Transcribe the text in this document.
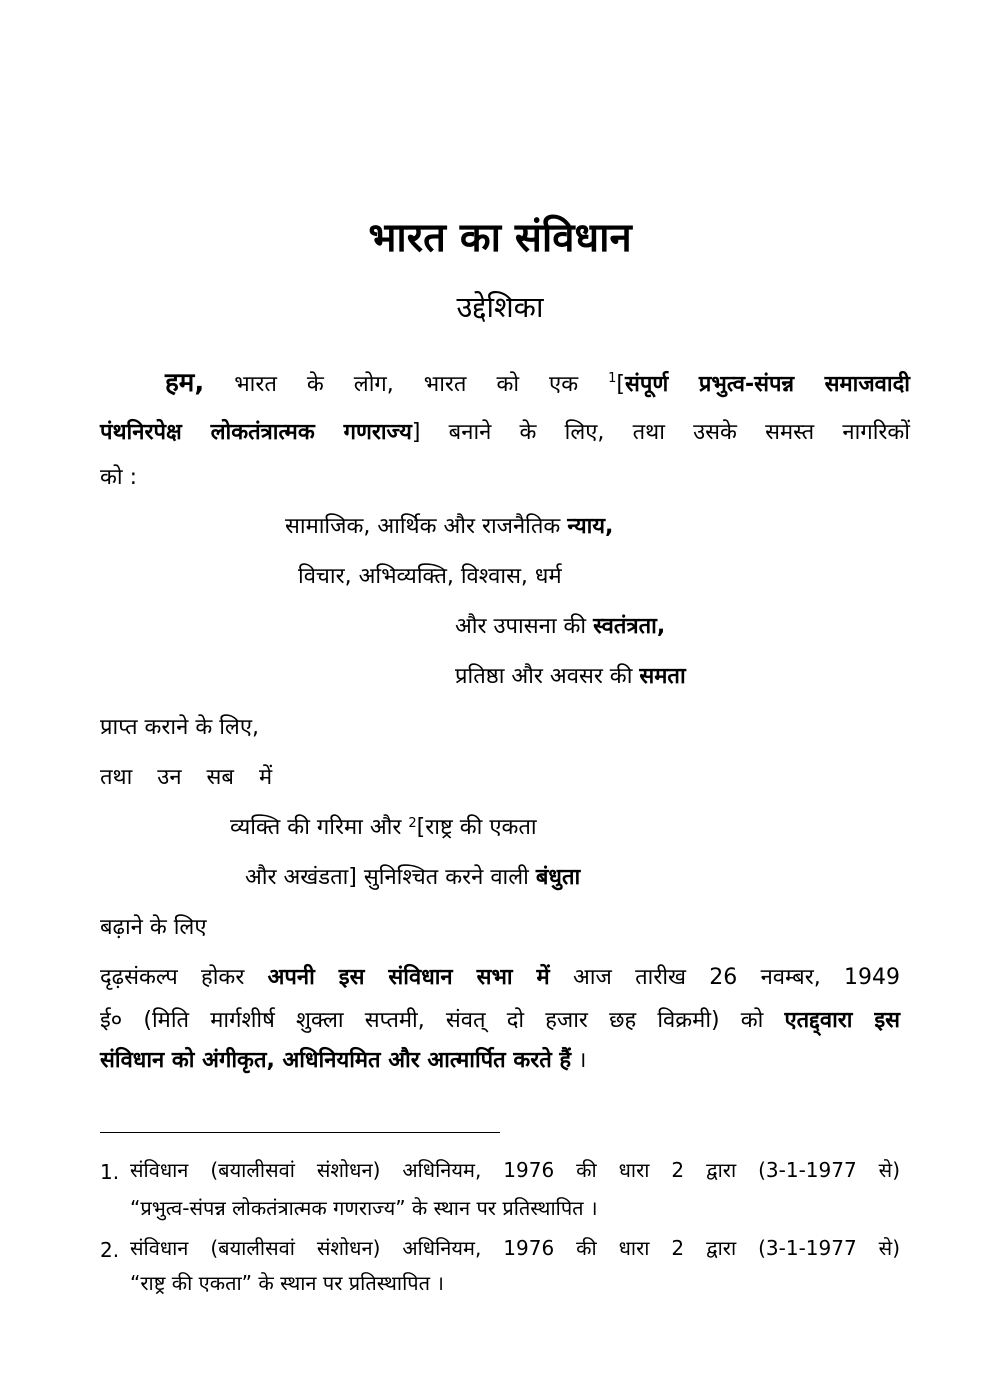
भारत का संविधान
उद्देशिका
हम, भारत के लोग, भारत को एक $^1$[संपूर्ण प्रभुत्व-संपन्न समाजवादी
पंथनिरपेक्ष लोकतंत्रात्मक गणराज्य] बनाने के लिए, तथा उसके समस्त नागरिकों
को :
सामाजिक, आर्थिक और राजनैतिक न्याय,
विचार, अभिव्यक्ति, विश्वास, धर्म
और उपासना की स्वतंत्रता,
प्रतिष्ठा और अवसर की समता
प्राप्त कराने के लिए,
तथा उन सब में
व्यक्ति की गरिमा और $^2$[राष्ट्र की एकता
और अखंडता] सुनिश्चित करने वाली बंधुता
बढ़ाने के लिए
दृढ़संकल्प होकर अपनी इस संविधान सभा में आज तारीख 26 नवम्बर, 1949
ई० (मिति मार्गशीर्ष शुक्ला सप्तमी, संवत् दो हजार छह विक्रमी) को एतद्द्वारा इस
संविधान को अंगीकृत, अधिनियमित और आत्मार्पित करते हैं ।
1. संविधान (बयालीसवां संशोधन) अधिनियम, 1976 की धारा 2 द्वारा (3-1-1977 से)
“प्रभुत्व-संपन्न लोकतंत्रात्मक गणराज्य” के स्थान पर प्रतिस्थापित ।
2. संविधान (बयालीसवां संशोधन) अधिनियम, 1976 की धारा 2 द्वारा (3-1-1977 से)
“राष्ट्र की एकता” के स्थान पर प्रतिस्थापित ।
